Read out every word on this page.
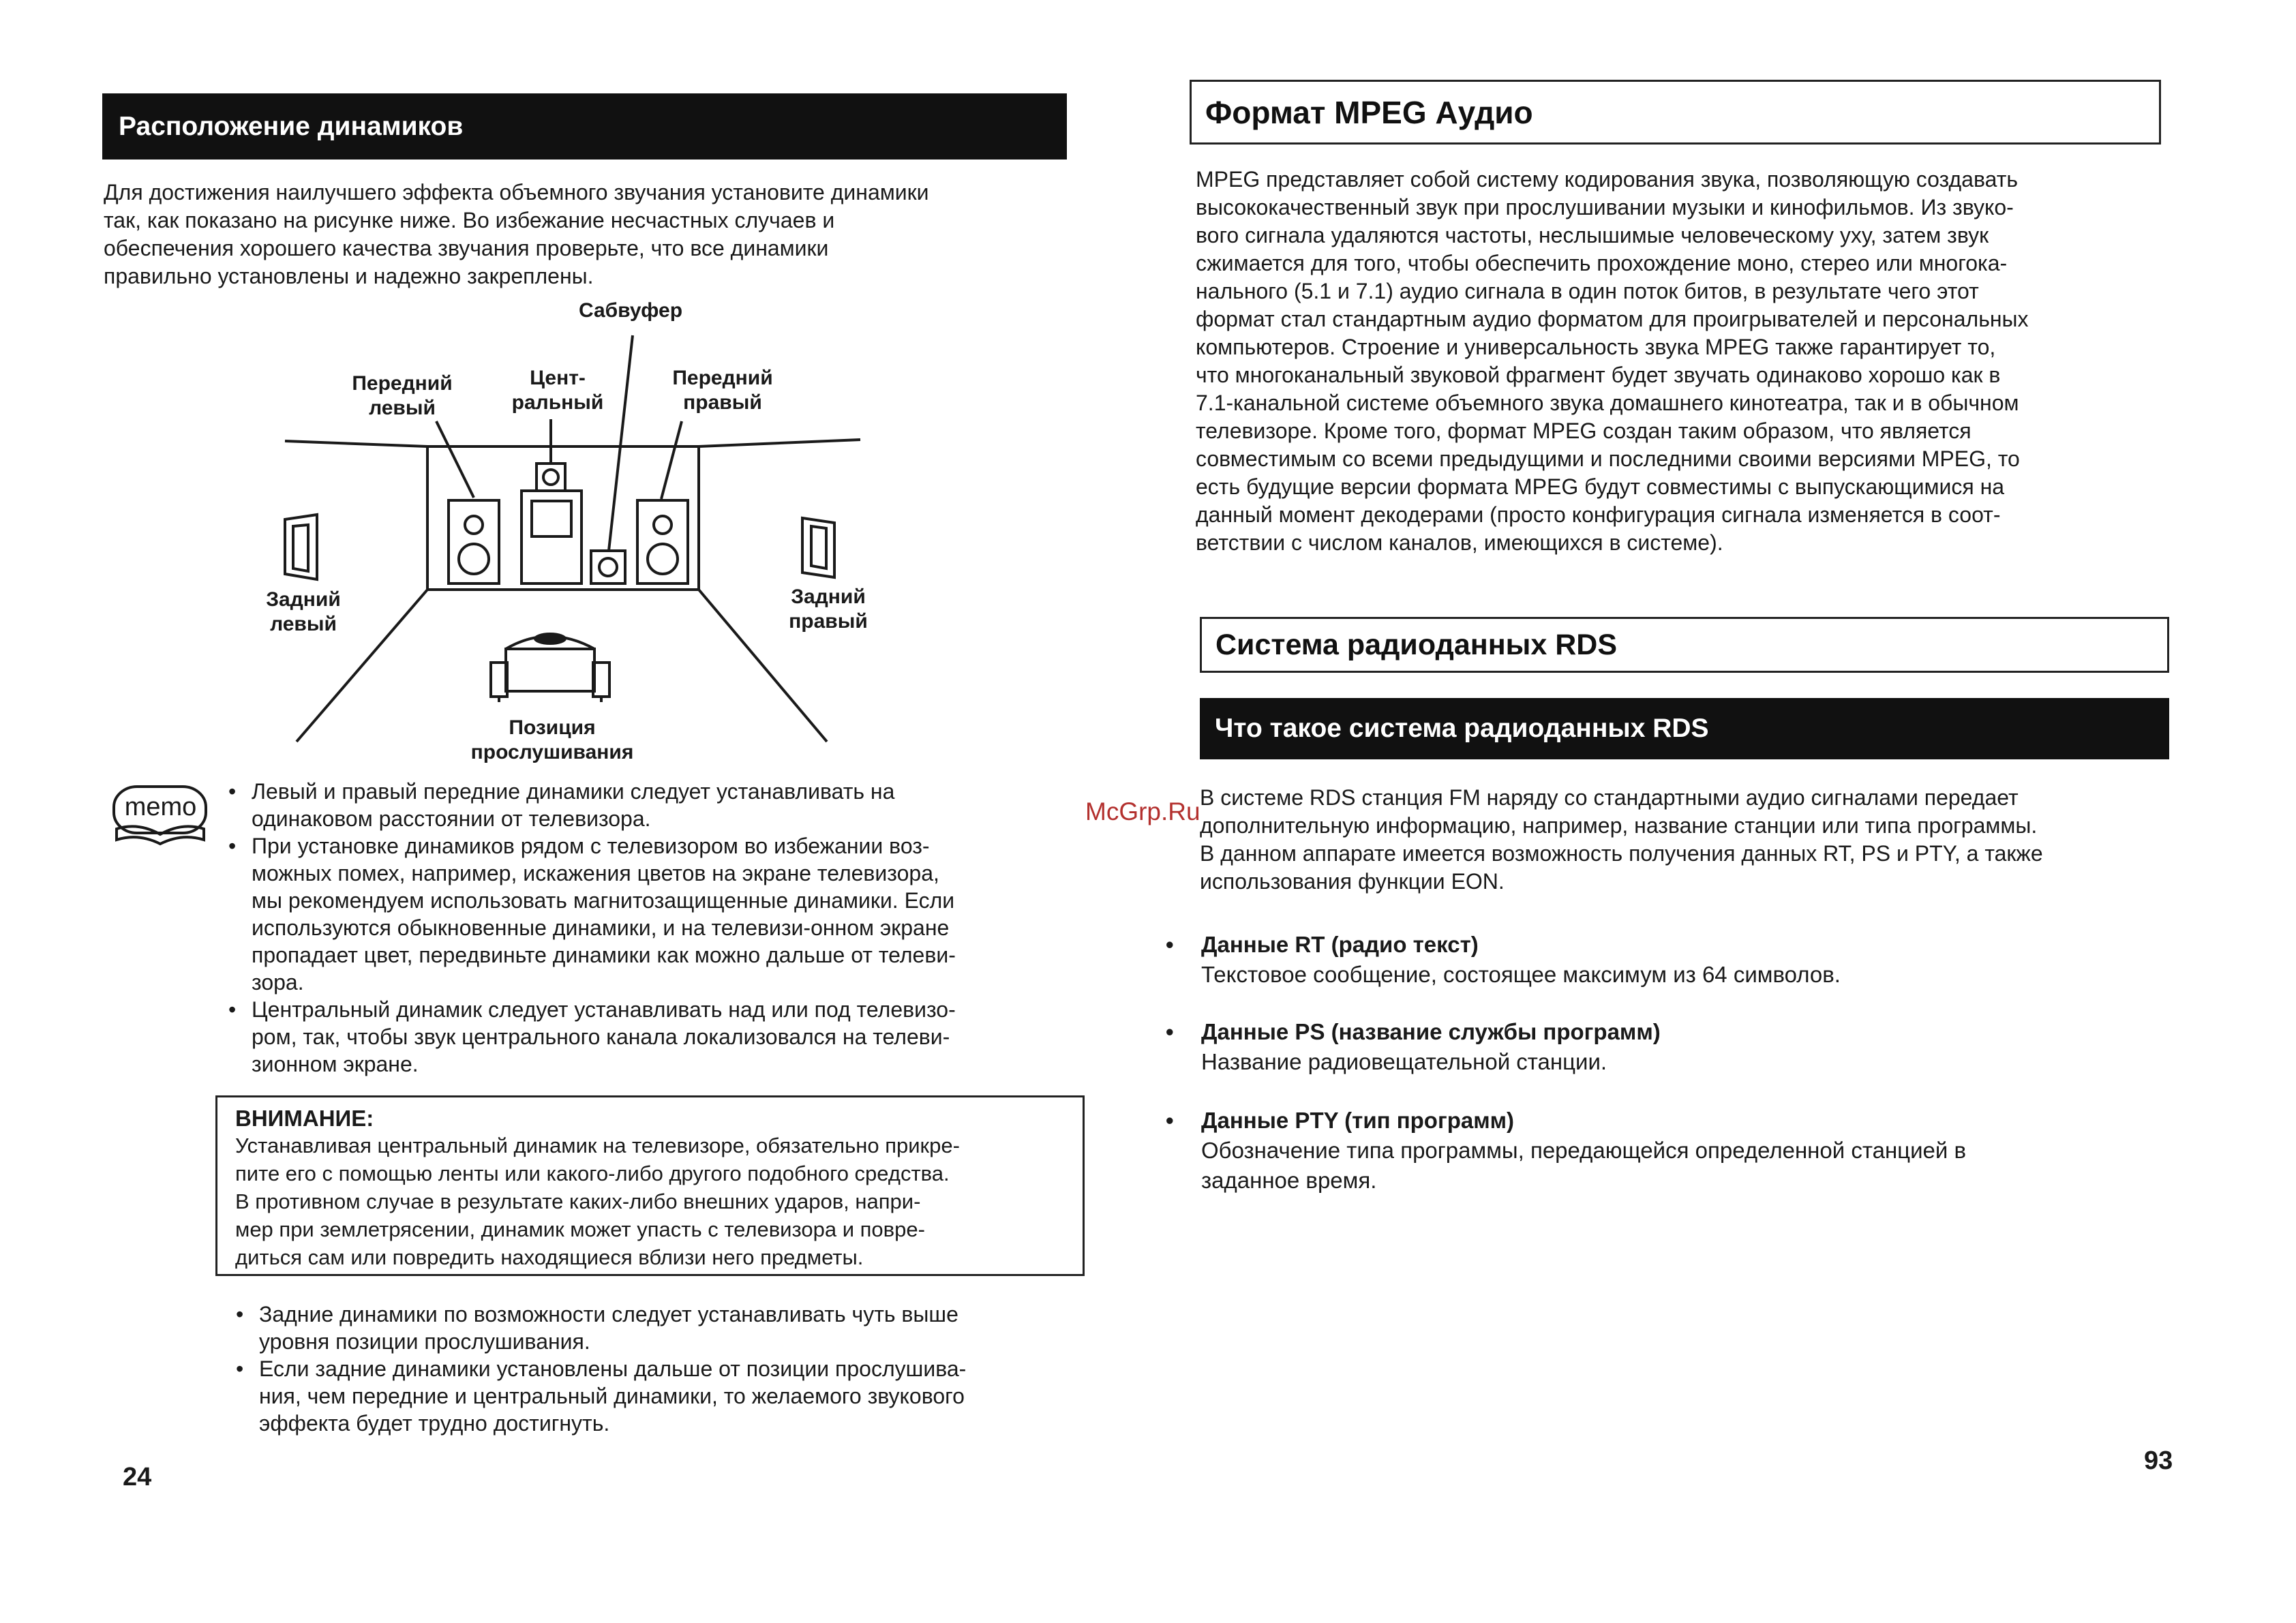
Расположение динамиков

Для достижения наилучшего эффекта объемного звучания установите динамики

так, как показано на рисунке ниже. Во избежание несчастных случаев и

обеспечения хорошего качества звучания проверьте, что все динамики

правильно установлены и надежно закреплены.

Сабвуфер
Передний
левый
Цент-
ральный
Передний
правый
Задний
левый
Задний
правый
Позиция
прослушивания
memo
• Левый и правый передние динамики следует устанавливать на
одинаковом расстоянии от телевизора.
• При установке динамиков рядом с телевизором во избежании воз-
можных помех, например, искажения цветов на экране телевизора,
мы рекомендуем использовать магнитозащищенные динамики. Если
используются обыкновенные динамики, и на телевизи-онном экране
пропадает цвет, передвиньте динамики как можно дальше от телеви-
зора.
• Центральный динамик следует устанавливать над или под телевизо-
ром, так, чтобы звук центрального канала локализовался на телеви-
зионном экране.
ВНИМАНИЕ:
Устанавливая центральный динамик на телевизоре, обязательно прикре-
пите его с помощью ленты или какого-либо другого подобного средства.
В противном случае в результате каких-либо внешних ударов, напри-
мер при землетрясении, динамик может упасть с телевизора и повре-
диться сам или повредить находящиеся вблизи него предметы.
• Задние динамики по возможности следует устанавливать чуть выше
уровня позиции прослушивания.
• Если задние динамики установлены дальше от позиции прослушива-
ния, чем передние и центральный динамики, то желаемого звукового
эффекта будет трудно достигнуть.
24
Формат MPEG Аудио

MPEG представляет собой систему кодирования звука, позволяющую создавать

высококачественный звук при прослушивании музыки и кинофильмов. Из звуко-

вого сигнала удаляются частоты, неслышимые человеческому уху, затем звук

сжимается для того, чтобы обеспечить прохождение моно, стерео или многока-

нального (5.1 и 7.1) аудио сигнала в один поток битов, в результате чего этот

формат стал стандартным аудио форматом для проигрывателей и персональных

компьютеров. Строение и универсальность звука MPEG также гарантирует то,

что многоканальный звуковой фрагмент будет звучать одинаково хорошо как в

7.1-канальной системе объемного звука домашнего кинотеатра, так и в обычном

телевизоре. Кроме того, формат MPEG создан таким образом, что является

совместимым со всеми предыдущими и последними своими версиями MPEG, то

есть будущие версии формата MPEG будут совместимы с выпускающимися на

данный момент декодерами (просто конфигурация сигнала изменяется в соот-

ветствии с числом каналов, имеющихся в системе).

Система радиоданных RDS
Что такое система радиоданных RDS
McGrp.Ru В системе RDS станция FM наряду со стандартными аудио сигналами передает

дополнительную информацию, например, название станции или типа программы.

В данном аппарате имеется возможность получения данных RT, PS и PTY, а также

использования функции EON.

• Данные RT (радио текст)
Текстовое сообщение, состоящее максимум из 64 символов.
• Данные PS (название службы программ)
Название радиовещательной станции.
• Данные PTY (тип программ)
Обозначение типа программы, передающейся определенной станцией в
заданное время.
93
